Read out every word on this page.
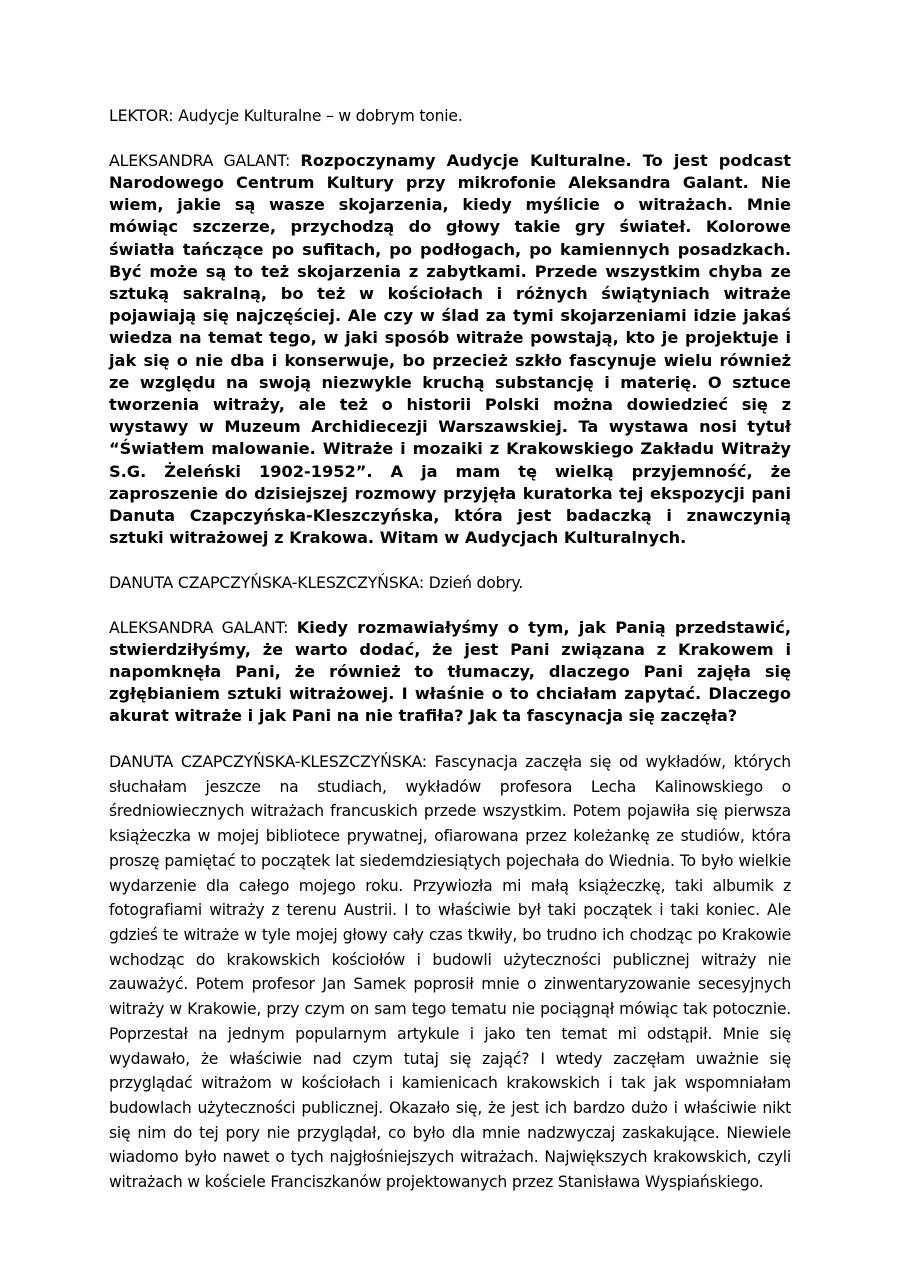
LEKTOR: Audycje Kulturalne – w dobrym tonie.

ALEKSANDRA GALANT: Rozpoczynamy Audycje Kulturalne. To jest podcast Narodowego Centrum Kultury przy mikrofonie Aleksandra Galant. Nie wiem, jakie są wasze skojarzenia, kiedy myślicie o witrażach. Mnie mówiąc szczerze, przychodzą do głowy takie gry świateł. Kolorowe światła tańczące po sufitach, po podłogach, po kamiennych posadzkach. Być może są to też skojarzenia z zabytkami. Przede wszystkim chyba ze sztuką sakralną, bo też w kościołach i różnych świątyniach witraże pojawiają się najczęściej. Ale czy w ślad za tymi skojarzeniami idzie jakaś wiedza na temat tego, w jaki sposób witraże powstają, kto je projektuje i jak się o nie dba i konserwuje, bo przecież szkło fascynuje wielu również ze względu na swoją niezwykle kruchą substancję i materię. O sztuce tworzenia witraży, ale też o historii Polski można dowiedzieć się z wystawy w Muzeum Archidiecezji Warszawskiej. Ta wystawa nosi tytuł “Światłem malowanie. Witraże i mozaiki z Krakowskiego Zakładu Witraży S.G. Żeleński 1902-1952”. A ja mam tę wielką przyjemność, że zaproszenie do dzisiejszej rozmowy przyjęła kuratorka tej ekspozycji pani Danuta Czapczyńska-Kleszczyńska, która jest badaczką i znawczynią sztuki witrażowej z Krakowa. Witam w Audycjach Kulturalnych.

DANUTA CZAPCZYŃSKA-KLESZCZYŃSKA: Dzień dobry.

ALEKSANDRA GALANT: Kiedy rozmawiałyśmy o tym, jak Panią przedstawić, stwierdziłyśmy, że warto dodać, że jest Pani związana z Krakowem i napomknęła Pani, że również to tłumaczy, dlaczego Pani zajęła się zgłębianiem sztuki witrażowej. I właśnie o to chciałam zapytać. Dlaczego akurat witraże i jak Pani na nie trafiła? Jak ta fascynacja się zaczęła?

DANUTA CZAPCZYŃSKA-KLESZCZYŃSKA: Fascynacja zaczęła się od wykładów, których słuchałam jeszcze na studiach, wykładów profesora Lecha Kalinowskiego o średniowiecznych witrażach francuskich przede wszystkim. Potem pojawiła się pierwsza książeczka w mojej bibliotece prywatnej, ofiarowana przez koleżankę ze studiów, która proszę pamiętać to początek lat siedemdziesiątych pojechała do Wiednia. To było wielkie wydarzenie dla całego mojego roku. Przywiozła mi małą książeczkę, taki albumik z fotografiami witraży z terenu Austrii. I to właściwie był taki początek i taki koniec. Ale gdzieś te witraże w tyle mojej głowy cały czas tkwiły, bo trudno ich chodząc po Krakowie wchodząc do krakowskich kościołów i budowli użyteczności publicznej witraży nie zauważyć. Potem profesor Jan Samek poprosił mnie o zinwentaryzowanie secesyjnych witraży w Krakowie, przy czym on sam tego tematu nie pociągnął mówiąc tak potocznie. Poprzestał na jednym popularnym artykule i jako ten temat mi odstąpił. Mnie się wydawało, że właściwie nad czym tutaj się zająć? I wtedy zaczęłam uważnie się przyglądać witrażom w kościołach i kamienicach krakowskich i tak jak wspomniałam budowlach użyteczności publicznej. Okazało się, że jest ich bardzo dużo i właściwie nikt się nim do tej pory nie przyglądał, co było dla mnie nadzwyczaj zaskakujące. Niewiele wiadomo było nawet o tych najgłośniejszych witrażach. Największych krakowskich, czyli witrażach w kościele Franciszkanów projektowanych przez Stanisława Wyspiańskiego.
